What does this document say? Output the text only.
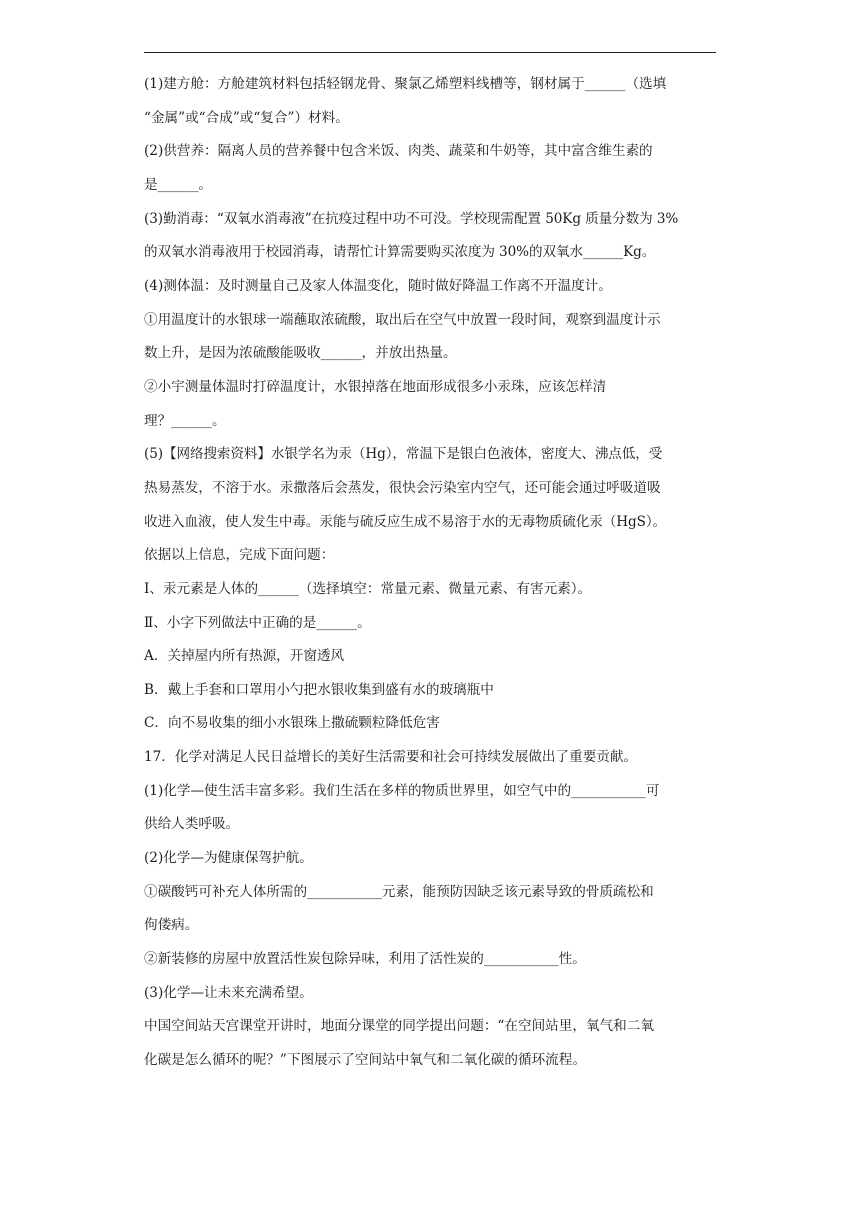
(1)建方舱：方舱建筑材料包括轻钢龙骨、聚氯乙烯塑料线槽等，钢材属于______（选填
“金属”或“合成”或“复合”）材料。
(2)供营养：隔离人员的营养餐中包含米饭、肉类、蔬菜和牛奶等，其中富含维生素的
是______。
(3)勤消毒：“双氧水消毒液”在抗疫过程中功不可没。学校现需配置 50Kg 质量分数为 3%
的双氧水消毒液用于校园消毒，请帮忙计算需要购买浓度为 30%的双氧水______Kg。
(4)测体温：及时测量自己及家人体温变化，随时做好降温工作离不开温度计。
①用温度计的水银球一端蘸取浓硫酸，取出后在空气中放置一段时间，观察到温度计示
数上升，是因为浓硫酸能吸收______，并放出热量。
②小宇测量体温时打碎温度计，水银掉落在地面形成很多小汞珠，应该怎样清
理？______。
(5)【网络搜索资料】水银学名为汞（Hg），常温下是银白色液体，密度大、沸点低，受
热易蒸发，不溶于水。汞撒落后会蒸发，很快会污染室内空气，还可能会通过呼吸道吸
收进入血液，使人发生中毒。汞能与硫反应生成不易溶于水的无毒物质硫化汞（HgS）。
依据以上信息，完成下面问题：
I、汞元素是人体的______（选择填空：常量元素、微量元素、有害元素）。
Ⅱ、小字下列做法中正确的是______。
A．关掉屋内所有热源，开窗透风
B．戴上手套和口罩用小勺把水银收集到盛有水的玻璃瓶中
C．向不易收集的细小水银珠上撒硫颗粒降低危害
17．化学对满足人民日益增长的美好生活需要和社会可持续发展做出了重要贡献。
(1)化学—使生活丰富多彩。我们生活在多样的物质世界里，如空气中的___________可
供给人类呼吸。
(2)化学—为健康保驾护航。
①碳酸钙可补充人体所需的___________元素，能预防因缺乏该元素导致的骨质疏松和
佝偻病。
②新装修的房屋中放置活性炭包除异味，利用了活性炭的___________性。
(3)化学—让未来充满希望。
中国空间站天宫课堂开讲时，地面分课堂的同学提出问题：“在空间站里，氧气和二氧
化碳是怎么循环的呢？”下图展示了空间站中氧气和二氧化碳的循环流程。
